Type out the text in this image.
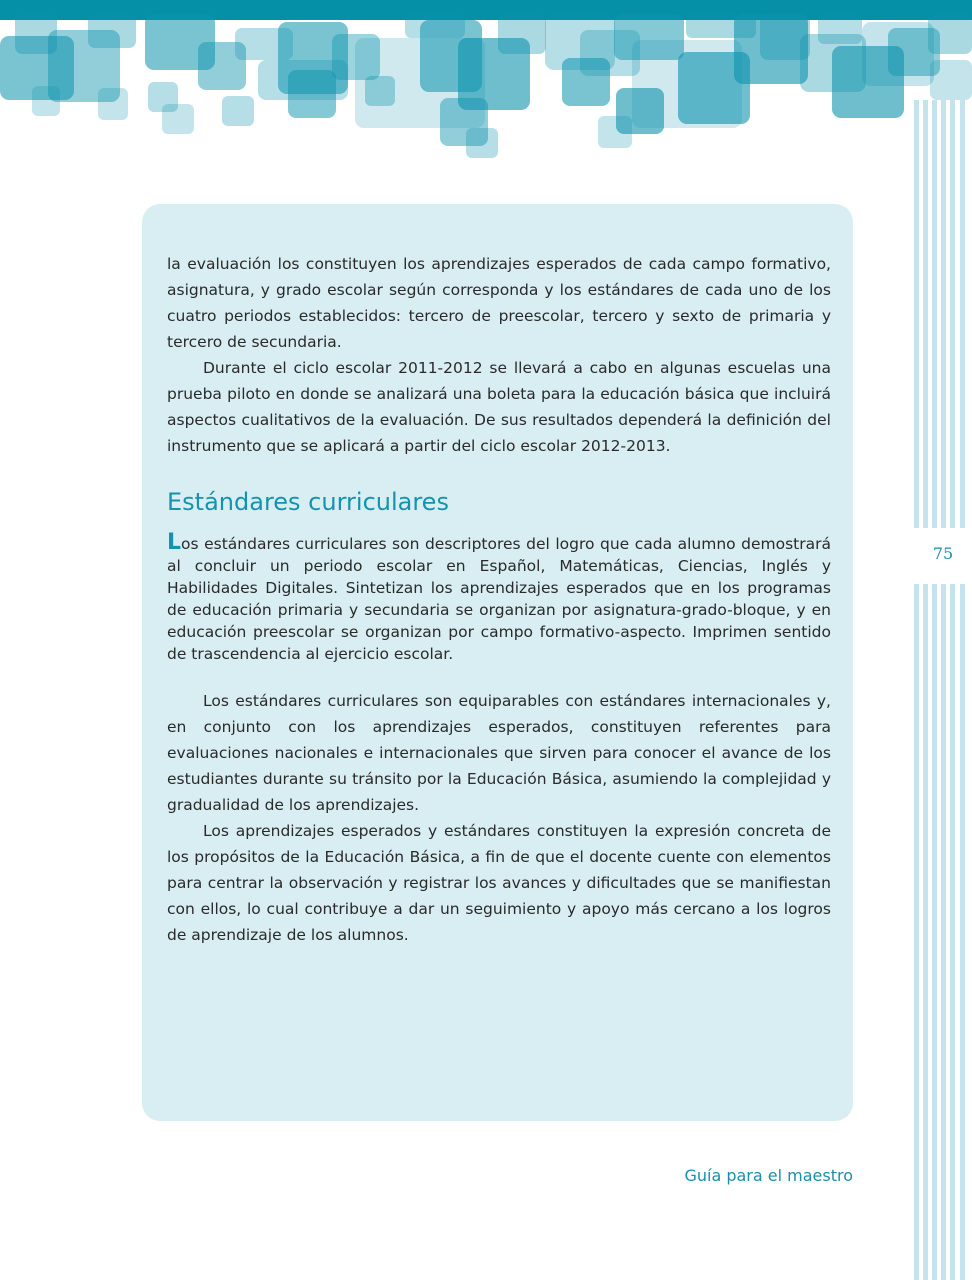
75

la evaluación los constituyen los aprendizajes esperados de cada campo formativo, asignatura, y grado escolar según corresponda y los estándares de cada uno de los cuatro periodos establecidos: tercero de preescolar, tercero y sexto de primaria y tercero de secundaria.

Durante el ciclo escolar 2011-2012 se llevará a cabo en algunas escuelas una prueba piloto en donde se analizará una boleta para la educación básica que incluirá aspectos cualitativos de la evaluación. De sus resultados dependerá la definición del instrumento que se aplicará a partir del ciclo escolar 2012-2013.

Estándares curriculares

Los estándares curriculares son descriptores del logro que cada alumno demostrará al concluir un periodo escolar en Español, Matemáticas, Ciencias, Inglés y Habilidades Digitales. Sintetizan los aprendizajes esperados que en los programas de educación primaria y secundaria se organizan por asignatura-grado-bloque, y en educación preescolar se organizan por campo formativo-aspecto. Imprimen sentido de trascendencia al ejercicio escolar.

Los estándares curriculares son equiparables con estándares internacionales y, en conjunto con los aprendizajes esperados, constituyen referentes para evaluaciones nacionales e internacionales que sirven para conocer el avance de los estudiantes durante su tránsito por la Educación Básica, asumiendo la complejidad y gradualidad de los aprendizajes.

Los aprendizajes esperados y estándares constituyen la expresión concreta de los propósitos de la Educación Básica, a fin de que el docente cuente con elementos para centrar la observación y registrar los avances y dificultades que se manifiestan con ellos, lo cual contribuye a dar un seguimiento y apoyo más cercano a los logros de aprendizaje de los alumnos.

Guía para el maestro
